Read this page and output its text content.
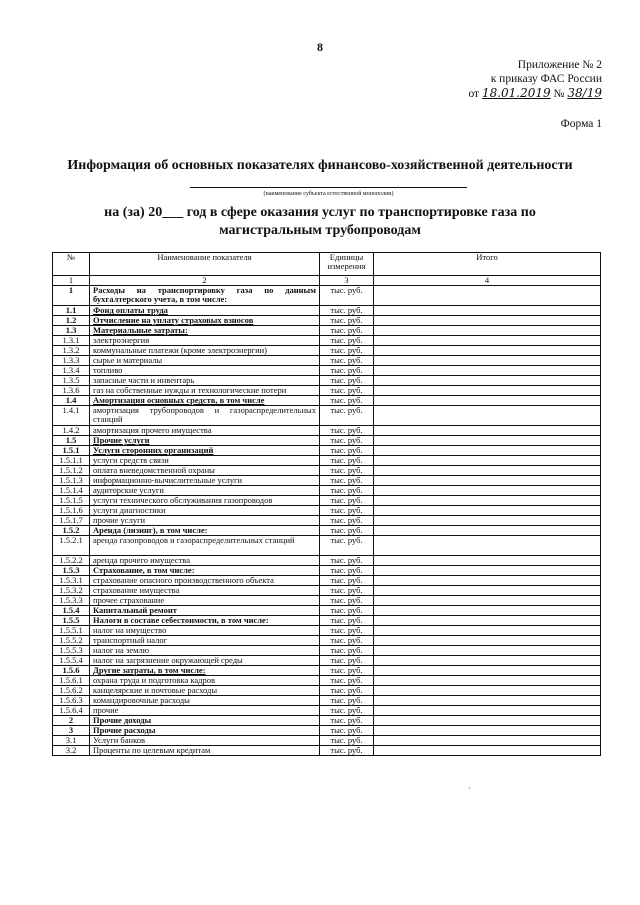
8
Приложение № 2
к приказу ФАС России
от 18.01.2019 № 38/19
Форма 1
Информация об основных показателях финансово-хозяйственной деятельности
(наименование субъекта естественной монополии)
на (за) 20___ год в сфере оказания услуг по транспортировке газа по
магистральным трубопроводам
№	Наименование показателя	Единицы измерения	Итого
1	2	3	4
1	Расходы на транспортировку газа по данным бухгалтерского учета, в том числе:	тыс. руб.	
1.1	Фонд оплаты труда	тыс. руб.	
1.2	Отчисление на уплату страховых взносов	тыс. руб.	
1.3	Материальные затраты:	тыс. руб.	
1.3.1	электроэнергия	тыс. руб.	
1.3.2	коммунальные платежи (кроме электроэнергии)	тыс. руб.	
1.3.3	сырье и материалы	тыс. руб.	
1.3.4	топливо	тыс. руб.	
1.3.5	запасные части и инвентарь	тыс. руб.	
1.3.6	газ на собственные нужды и технологические потери	тыс. руб.	
1.4	Амортизация основных средств, в том числе	тыс. руб.	
1.4.1	амортизация трубопроводов и газораспределительных станций	тыс. руб.	
1.4.2	амортизация прочего имущества	тыс. руб.	
1.5	Прочие услуги	тыс. руб.	
1.5.1	Услуги сторонних организаций	тыс. руб.	
1.5.1.1	услуги средств связи	тыс. руб.	
1.5.1.2	оплата вневедомственной охраны	тыс. руб.	
1.5.1.3	информационно-вычислительные услуги	тыс. руб.	
1.5.1.4	аудиторские услуги	тыс. руб.	
1.5.1.5	услуги технического обслуживания газопроводов	тыс. руб.	
1.5.1.6	услуги диагностики	тыс. руб.	
1.5.1.7	прочие услуги	тыс. руб.	
1.5.2	Аренда (лизинг), в том числе:	тыс. руб.	
1.5.2.1	аренда газопроводов и газораспределительных станций	тыс. руб.	
1.5.2.2	аренда прочего имущества	тыс. руб.	
1.5.3	Страхование, в том числе:	тыс. руб.	
1.5.3.1	страхование опасного производственного объекта	тыс. руб.	
1.5.3.2	страхование имущества	тыс. руб.	
1.5.3.3	прочее страхование	тыс. руб.	
1.5.4	Капитальный ремонт	тыс. руб.	
1.5.5	Налоги в составе себестоимости, в том числе:	тыс. руб.	
1.5.5.1	налог на имущество	тыс. руб.	
1.5.5.2	транспортный налог	тыс. руб.	
1.5.5.3	налог на землю	тыс. руб.	
1.5.5.4	налог на загрязнение окружающей среды	тыс. руб.	
1.5.6	Другие затраты, в том числе:	тыс. руб.	
1.5.6.1	охрана труда и подготовка кадров	тыс. руб.	
1.5.6.2	канцелярские и почтовые расходы	тыс. руб.	
1.5.6.3	командировочные расходы	тыс. руб.	
1.5.6.4	прочие	тыс. руб.	
2	Прочие доходы	тыс. руб.	
3	Прочие расходы	тыс. руб.	
3.1	Услуги банков	тыс. руб.	
3.2	Проценты по целевым кредитам	тыс. руб.	
·
